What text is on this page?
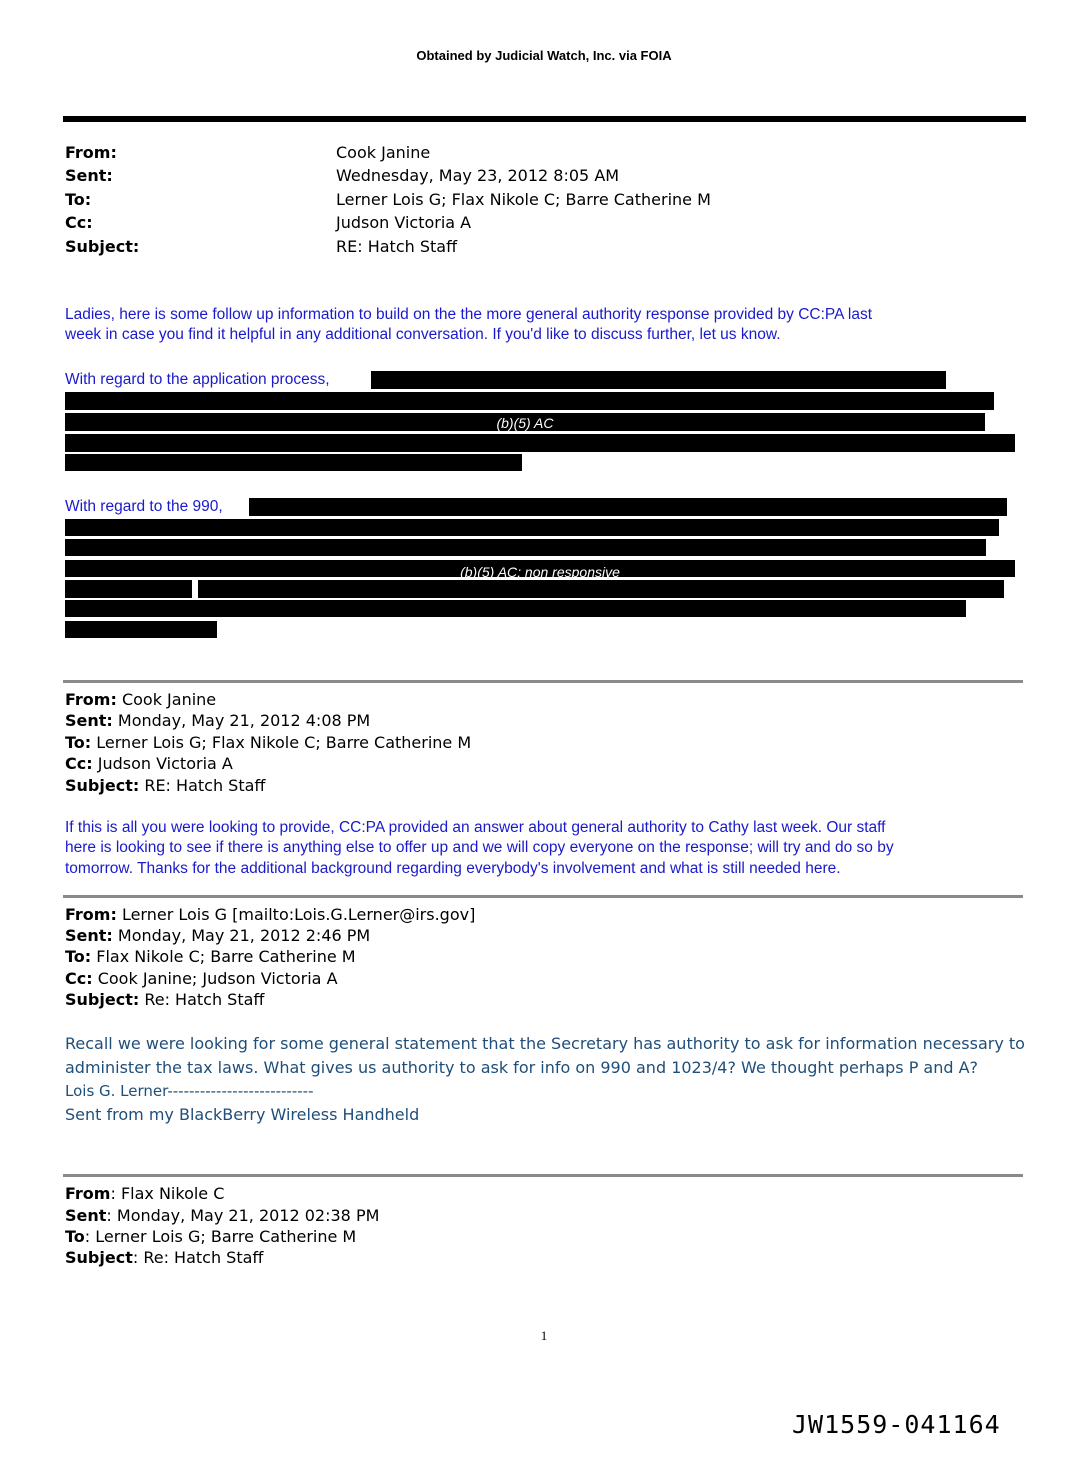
Obtained by Judicial Watch, Inc. via FOIA
From:	Cook Janine
Sent:	Wednesday, May 23, 2012 8:05 AM
To:	Lerner Lois G; Flax Nikole C; Barre Catherine M
Cc:	Judson Victoria A
Subject:	RE: Hatch Staff
Ladies, here is some follow up information to build on the the more general authority response provided by CC:PA last
week in case you find it helpful in any additional conversation. If you'd like to discuss further, let us know.
With regard to the application process,
(b)(5) AC
With regard to the 990,
(b)(5) AC; non responsive
From: Cook Janine
Sent: Monday, May 21, 2012 4:08 PM
To: Lerner Lois G; Flax Nikole C; Barre Catherine M
Cc: Judson Victoria A
Subject: RE: Hatch Staff
If this is all you were looking to provide, CC:PA provided an answer about general authority to Cathy last week. Our staff
here is looking to see if there is anything else to offer up and we will copy everyone on the response; will try and do so by
tomorrow. Thanks for the additional background regarding everybody's involvement and what is still needed here.
From: Lerner Lois G [mailto:Lois.G.Lerner@irs.gov]
Sent: Monday, May 21, 2012 2:46 PM
To: Flax Nikole C; Barre Catherine M
Cc: Cook Janine; Judson Victoria A
Subject: Re: Hatch Staff
Recall we were looking for some general statement that the Secretary has authority to ask for information necessary to
administer the tax laws. What gives us authority to ask for info on 990 and 1023/4? We thought perhaps P and A?
Lois G. Lerner---------------------------
Sent from my BlackBerry Wireless Handheld
From: Flax Nikole C
Sent: Monday, May 21, 2012 02:38 PM
To: Lerner Lois G; Barre Catherine M
Subject: Re: Hatch Staff
1
JW1559-041164
